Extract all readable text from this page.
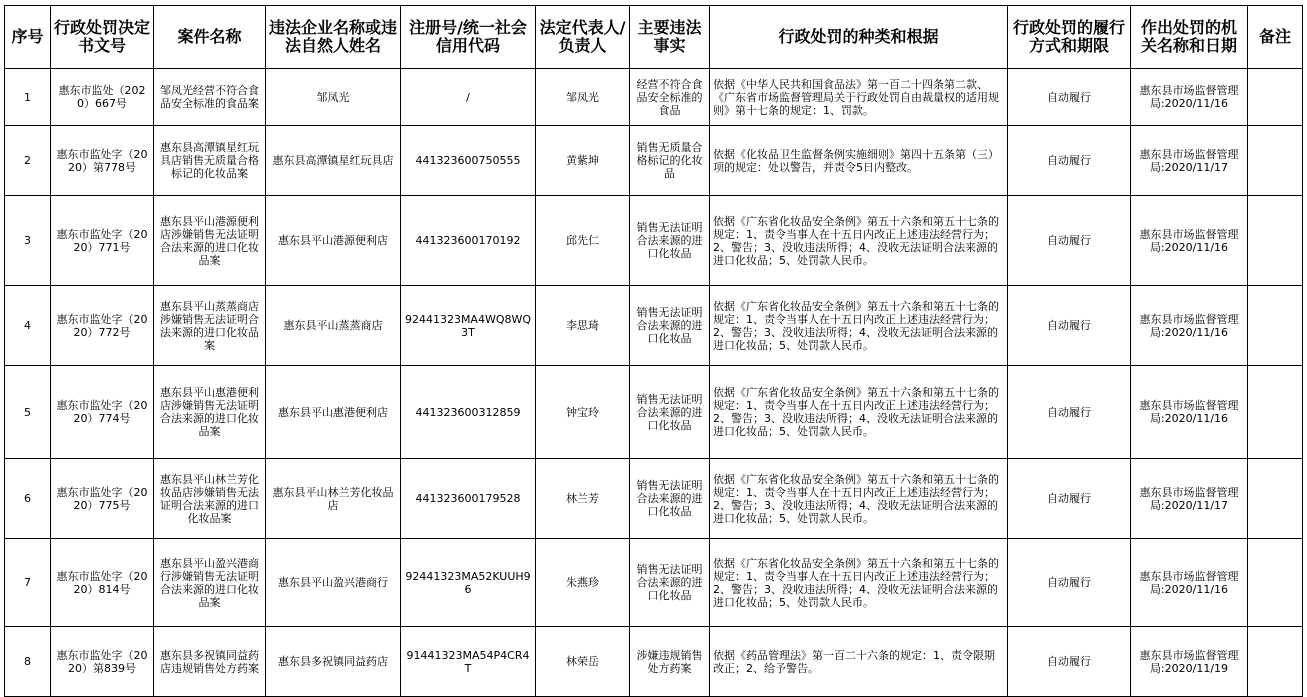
序号	行政处罚决定书文号	案件名称	违法企业名称或违法自然人姓名	注册号/统一社会信用代码	法定代表人/负责人	主要违法事实	行政处罚的种类和根据	行政处罚的履行方式和期限	作出处罚的机关名称和日期	备注
1	惠东市监处（2020）667号	邹凤光经营不符合食品安全标准的食品案	邹凤光	/	邹凤光	经营不符合食品安全标准的食品	依据《中华人民共和国食品法》第一百二十四条第二款、《广东省市场监督管理局关于行政处罚自由裁量权的适用规则》第十七条的规定：1、罚款。	自动履行	惠东县市场监督管理局:2020/11/16	
2	惠东市监处字（2020）第778号	惠东县高潭镇星红玩具店销售无质量合格标记的化妆品案	惠东县高潭镇星红玩具店	441323600750555	黄紫坤	销售无质量合格标记的化妆品	依据《化妆品卫生监督条例实施细则》第四十五条第（三）项的规定：处以警告，并责令5日内整改。	自动履行	惠东县市场监督管理局:2020/11/17	
3	惠东市监处字（2020）771号	惠东县平山港源便利店涉嫌销售无法证明合法来源的进口化妆品案	惠东县平山港源便利店	441323600170192	邱先仁	销售无法证明合法来源的进口化妆品	依据《广东省化妆品安全条例》第五十六条和第五十七条的规定：1、责令当事人在十五日内改正上述违法经营行为；2、警告；3、没收违法所得；4、没收无法证明合法来源的进口化妆品；5、处罚款人民币。	自动履行	惠东县市场监督管理局:2020/11/16	
4	惠东市监处字（2020）772号	惠东县平山蒸蒸商店涉嫌销售无法证明合法来源的进口化妆品案	惠东县平山蒸蒸商店	92441323MA4WQ8WQ3T	李思琦	销售无法证明合法来源的进口化妆品	依据《广东省化妆品安全条例》第五十六条和第五十七条的规定：1、责令当事人在十五日内改正上述违法经营行为；2、警告；3、没收违法所得；4、没收无法证明合法来源的进口化妆品；5、处罚款人民币。	自动履行	惠东县市场监督管理局:2020/11/16	
5	惠东市监处字（2020）774号	惠东县平山惠港便利店涉嫌销售无法证明合法来源的进口化妆品案	惠东县平山惠港便利店	441323600312859	钟宝玲	销售无法证明合法来源的进口化妆品	依据《广东省化妆品安全条例》第五十六条和第五十七条的规定：1、责令当事人在十五日内改正上述违法经营行为；2、警告；3、没收违法所得；4、没收无法证明合法来源的进口化妆品；5、处罚款人民币。	自动履行	惠东县市场监督管理局:2020/11/16	
6	惠东市监处字（2020）775号	惠东县平山林兰芳化妆品店涉嫌销售无法证明合法来源的进口化妆品案	惠东县平山林兰芳化妆品店	441323600179528	林兰芳	销售无法证明合法来源的进口化妆品	依据《广东省化妆品安全条例》第五十六条和第五十七条的规定：1、责令当事人在十五日内改正上述违法经营行为；2、警告；3、没收违法所得；4、没收无法证明合法来源的进口化妆品；5、处罚款人民币。	自动履行	惠东县市场监督管理局:2020/11/17	
7	惠东市监处字（2020）814号	惠东县平山盈兴港商行涉嫌销售无法证明合法来源的进口化妆品案	惠东县平山盈兴港商行	92441323MA52KUUH96	朱燕珍	销售无法证明合法来源的进口化妆品	依据《广东省化妆品安全条例》第五十六条和第五十七条的规定：1、责令当事人在十五日内改正上述违法经营行为；2、警告；3、没收违法所得；4、没收无法证明合法来源的进口化妆品；5、处罚款人民币。	自动履行	惠东县市场监督管理局:2020/11/16	
8	惠东市监处字（2020）第839号	惠东县多祝镇同益药店违规销售处方药案	惠东县多祝镇同益药店	91441323MA54P4CR4T	林荣岳	涉嫌违规销售处方药案	依据《药品管理法》第一百二十六条的规定：1、责令限期改正；2、给予警告。	自动履行	惠东县市场监督管理局:2020/11/19	
